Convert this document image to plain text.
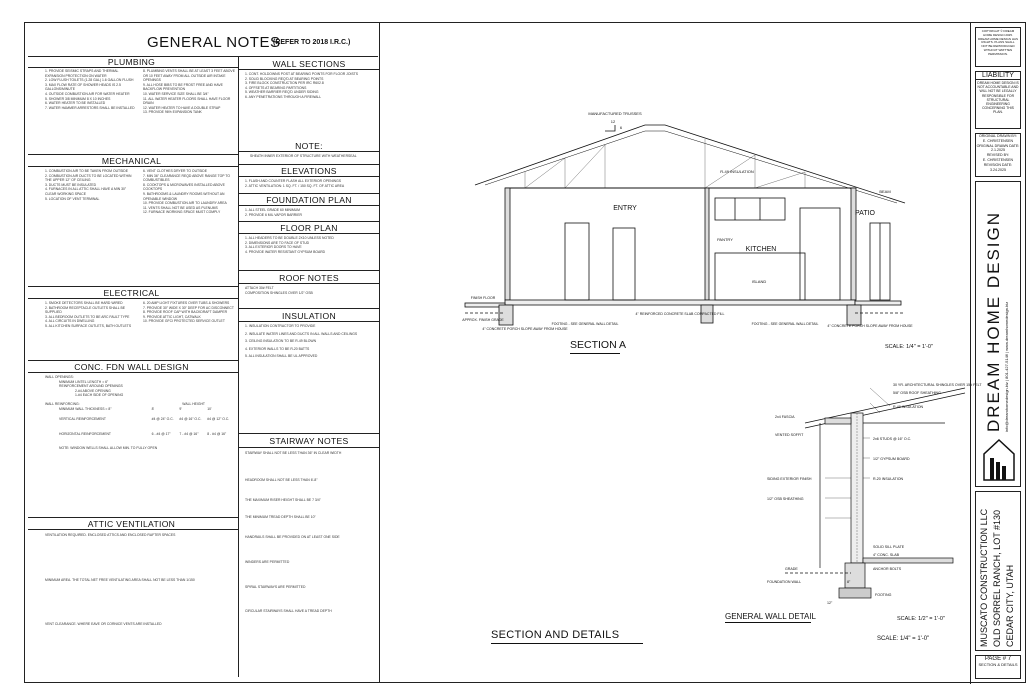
GENERAL NOTES
(REFER TO 2018 I.R.C.)
PLUMBING
1. PROVIDE SEISMIC STRAPS AND THERMAL EXPANSION PROTECTION ON WATER
2. LOW FLUSH TOILETS (1.28 GAL) 1.6 GALLON FLUSH
3. MAX FLOW RATE OF SHOWER HEADS IS 2.5 GALLONS/MINUTE
4. OUTSIDE COMBUSTION AIR FOR WATER HEATER
5. SHOWER 3/8 MINIMUM 8 X 10 INCHES
6. WATER HEATER TO BE INSTALLED
7. WATER HAMMER ARRESTORS SHALL BE INSTALLED
8. PLUMBING VENTS SHALL BE AT LEAST 3 FEET ABOVE OR 10 FEET AWAY FROM ALL OUTSIDE AIR INTAKE OPENINGS
9. ALL HOSE BIBS TO BE FROST FREE AND HAVE BACKFLOW PREVENTION
10. WATER SERVICE SIZE SHALL BE 3/4"
11. ALL WATER HEATER FLOORS SHALL HAVE FLOOR DRAIN
12. WATER HEATER TO HAVE A DOUBLE STRAP
13. PROVIDE 96% EXPANSION TANK
MECHANICAL
1. COMBUSTION AIR TO BE TAKEN FROM OUTSIDE
2. COMBUSTION AIR DUCTS TO BE LOCATED WITHIN THE UPPER 12" OF CEILING
3. DUCTS MUST BE INSULATED
4. FURNACES IN ALL ATTIC SHALL HAVE A MIN 30" CLEAR WORKING SPACE
5. LOCATION OF VENT TERMINAL
6. VENT CLOTHES DRYER TO OUTSIDE
7. MIN 36" CLEARANCE REQD ABOVE RANGE TOP TO COMBUSTIBLES
8. COOKTOPS & MICROWAVES INSTALLED ABOVE COOKTOPS
9. BATHROOMS & LAUNDRY ROOMS WITHOUT AN OPENABLE WINDOW
10. PROVIDE COMBUSTION AIR TO LAUNDRY AREA
11. VENTS SHALL NOT BE USED AS PLENUMS
12. FURNACE WORKING SPACE MUST COMPLY
ELECTRICAL
1. SMOKE DETECTORS SHALL BE HARD WIRED
2. BATHROOM RECEPTACLE OUTLETS SHALL BE SUPPLIED
3. ALL BEDROOM OUTLETS TO BE ARC FAULT TYPE
4. ALL CIRCUITS IN DWELLING
5. ALL KITCHEN SURFACE OUTLETS, BATH OUTLETS
6. 20 AMP LIGHT FIXTURES OVER TUBS & SHOWERS
7. PROVIDE 30" WIDE X 30" DEEP FOR AC DISCONNECT
8. PROVIDE ROOF CAP WITH BACKDRAFT DAMPER
9. PROVIDE ATTIC LIGHT, CATWALK
10. PROVIDE GFCI PROTECTED SERVICE OUTLET
CONC. FDN WALL DESIGN
WALL OPENINGS:
MINIMUM LINTEL LENGTH = 6"
REINFORCEMENT AROUND OPENINGS
2-#4 ABOVE OPENING
1-#4 EACH SIDE OF OPENING
WALL REINFORCING:	WALL HEIGHT
MINIMUM WALL THICKNESS = 8"	8'	9'	10'
VERTICAL REINFORCEMENT	#4 @ 24" O.C.	#4 @ 16" O.C.	#4 @ 12" O.C.
HORIZONTAL REINFORCEMENT	6 - #4 @ 17"	7 - #4 @ 16"	8 - #4 @ 16"
NOTE: WINDOW WELLS SHALL ALLOW MIN. TO FULLY OPEN
ATTIC VENTILATION
VENTILATION REQUIRED. ENCLOSED ATTICS AND ENCLOSED RAFTER SPACES
MINIMUM AREA. THE TOTAL NET FREE VENTILATING AREA SHALL NOT BE LESS THAN 1/150
VENT CLEARANCE. WHERE EAVE OR CORNICE VENTS ARE INSTALLED
WALL SECTIONS
1. CONT. HOLDOWNS POST AT BEARING POINTS FOR FLOOR JOISTS
2. SOLID BLOCKING REQ'D AT BEARING POINTS
3. FIRE BLOCK CONSTRUCTION PER IRC R602.8
4. OFFSETS AT BEARING PARTITIONS
5. WEATHER BARRIER REQ'D UNDER SIDING
6. ANY PENETRATIONS THROUGH A FIREWALL
NOTE:
SHEATH INNER EXTERIOR OF STRUCTURE WITH WEATHERSEAL
ELEVATIONS
1. FLASH AND COUNTER FLASH ALL EXTERIOR OPENINGS
2. ATTIC VENTILATION: 1 SQ. FT. / 150 SQ. FT. OF ATTIC AREA
FOUNDATION PLAN
1. ALL STEEL GRADE 60 MINIMUM
2. PROVIDE 6 MIL VAPOR BARRIER
FLOOR PLAN
1. ALL HEADERS TO BE DOUBLE 2X10 UNLESS NOTED
2. DIMENSIONS ARE TO FACE OF STUD
3. ALL EXTERIOR DOORS TO HAVE
4. PROVIDE WATER RESISTANT GYPSUM BOARD
ROOF NOTES
ATTACH 30# FELT
COMPOSITION SHINGLES OVER 1/2" OSB
INSULATION
1. INSULATION CONTRACTOR TO PROVIDE
2. INSULATE WATER LINES AND DUCTS IN ALL WALLS AND CEILINGS
3. CEILING INSULATION TO BE R-49 BLOWN
4. EXTERIOR WALLS TO BE R-20 BATTS
5. ALL INSULATION SHALL BE UL APPROVED
STAIRWAY NOTES
STAIRWAY SHALL NOT BE LESS THAN 36" IN CLEAR WIDTH
HEADROOM SHALL NOT BE LESS THAN 6'-8"
THE MAXIMUM RISER HEIGHT SHALL BE 7 3/4"
THE MINIMUM TREAD DEPTH SHALL BE 10"
HANDRAILS SHALL BE PROVIDED ON AT LEAST ONE SIDE
WINDERS ARE PERMITTED
SPIRAL STAIRWAYS ARE PERMITTED
CIRCULAR STAIRWAYS SHALL HAVE A TREAD DEPTH
ENTRY
KITCHEN
PATIO
ISLAND
PANTRY
MANUFACTURED TRUSSES
R-49 INSULATION
BEAM
FINISH FLOOR
APPROX. FINISH GRADE
4" CONCRETE PORCH SLOPE AWAY FROM HOUSE
4" REINFORCED CONCRETE SLAB COMPACTED FILL
4" CONCRETE PORCH SLOPE AWAY FROM HOUSE
FOOTING - SEE GENERAL WALL DETAIL	FOOTING - SEE GENERAL WALL DETAIL
12
6
SECTION A	SCALE: 1/4" = 1'-0"
30 YR. ARCHITECTURAL SHINGLES OVER 15# FELT
5/8" OSB ROOF SHEATHING
R-49 INSULATION
2x4 FASCIA
VENTED SOFFIT
2x6 STUDS @ 16" O.C.
1/2" GYPSUM BOARD
SIDING EXTERIOR FINISH	R-20 INSULATION
1/2" OSB SHEATHING
SOLID SILL PLATE
4" CONC. SLAB
ANCHOR BOLTS
FOOTING
GRADE
12"
8"
FOUNDATION WALL
GENERAL WALL DETAIL	SCALE: 1/2" = 1'-0"
SECTION AND DETAILS	SCALE: 1/4" = 1'-0"
COPYRIGHT © DREAM HOME DESIGN 2025. DREAM HOME DESIGN HAS RIGHTS. PLANS SHALL NOT BE REPRODUCED WITHOUT WRITTEN PERMISSION.
LIABILITY
DREAM HOME DESIGN IS NOT ACCOUNTABLE AND WILL NOT BE LEGALLY RESPONSIBLE FOR STRUCTURAL ENGINEERING CONCERNING THIS PLAN.
ORIGINAL DRAWN BY:
E. CHRISTENSEN
ORIGINAL DRAWN DATE:
2.1.2025
REVISED BY:
E. CHRISTENSEN
REVISION DATE:
3.24.2025
DREAM HOME DESIGN info@dreamhomedesign.biz | 801-427-5146 | www.dreamhomedesign.biz
MUSCATO CONSTRUCTION LLC OLD SORREL RANCH, LOT #130 CEDAR CITY, UTAH
PAGE # 7
SECTION & DETAILS
